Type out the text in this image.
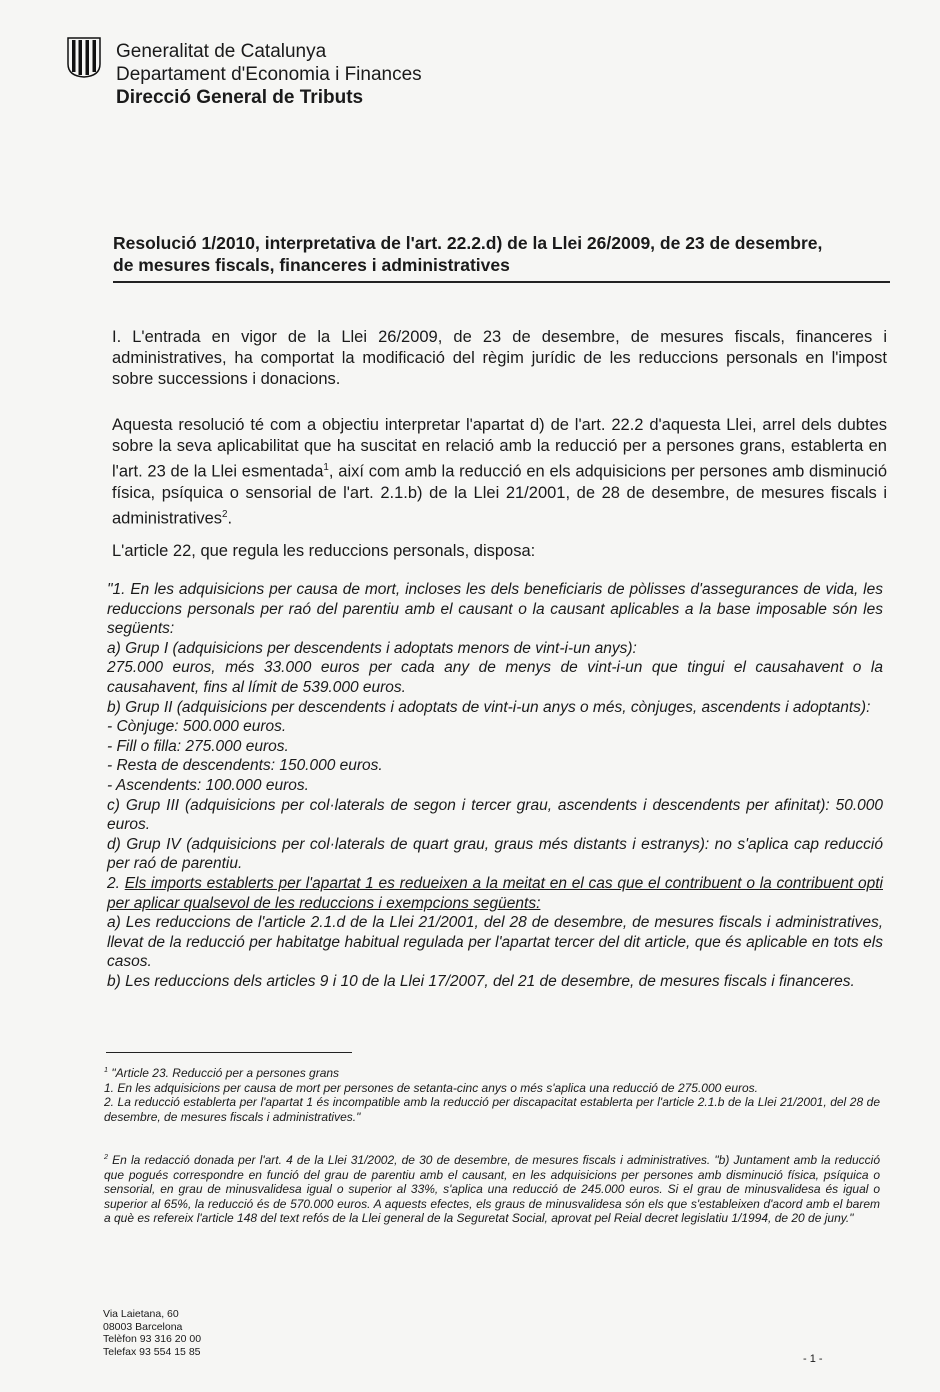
Generalitat de Catalunya
Departament d'Economia i Finances
Direcció General de Tributs
Resolució 1/2010, interpretativa de l'art. 22.2.d) de la Llei 26/2009, de 23 de desembre,
de mesures fiscals, financeres i administratives
I. L'entrada en vigor de la Llei 26/2009, de 23 de desembre, de mesures fiscals, financeres i administratives, ha comportat la modificació del règim jurídic de les reduccions personals en l'impost sobre successions i donacions.
Aquesta resolució té com a objectiu interpretar l'apartat d) de l'art. 22.2 d'aquesta Llei, arrel dels dubtes sobre la seva aplicabilitat que ha suscitat en relació amb la reducció per a persones grans, establerta en l'art. 23 de la Llei esmentada$^1$, així com amb la reducció en els adquisicions per persones amb disminució física, psíquica o sensorial de l'art. 2.1.b) de la Llei 21/2001, de 28 de desembre, de mesures fiscals i administratives$^2$.
L'article 22, que regula les reduccions personals, disposa:
"1. En les adquisicions per causa de mort, incloses les dels beneficiaris de pòlisses d'assegurances de vida, les reduccions personals per raó del parentiu amb el causant o la causant aplicables a la base imposable són les següents:
a) Grup I (adquisicions per descendents i adoptats menors de vint-i-un anys):
275.000 euros, més 33.000 euros per cada any de menys de vint-i-un que tingui el causahavent o la causahavent, fins al límit de 539.000 euros.
b) Grup II (adquisicions per descendents i adoptats de vint-i-un anys o més, cònjuges, ascendents i adoptants):
- Cònjuge: 500.000 euros.
- Fill o filla: 275.000 euros.
- Resta de descendents: 150.000 euros.
- Ascendents: 100.000 euros.
c) Grup III (adquisicions per col·laterals de segon i tercer grau, ascendents i descendents per afinitat): 50.000 euros.
d) Grup IV (adquisicions per col·laterals de quart grau, graus més distants i estranys): no s'aplica cap reducció per raó de parentiu.
2. Els imports establerts per l'apartat 1 es redueixen a la meitat en el cas que el contribuent o la contribuent opti per aplicar qualsevol de les reduccions i exempcions següents:
a) Les reduccions de l'article 2.1.d de la Llei 21/2001, del 28 de desembre, de mesures fiscals i administratives, llevat de la reducció per habitatge habitual regulada per l'apartat tercer del dit article, que és aplicable en tots els casos.
b) Les reduccions dels articles 9 i 10 de la Llei 17/2007, del 21 de desembre, de mesures fiscals i financeres.
$^1$ "Article 23. Reducció per a persones grans
1. En les adquisicions per causa de mort per persones de setanta-cinc anys o més s'aplica una reducció de 275.000 euros.
2. La reducció establerta per l'apartat 1 és incompatible amb la reducció per discapacitat establerta per l'article 2.1.b de la Llei 21/2001, del 28 de desembre, de mesures fiscals i administratives."
$^2$ En la redacció donada per l'art. 4 de la Llei 31/2002, de 30 de desembre, de mesures fiscals i administratives. "b) Juntament amb la reducció que pogués correspondre en funció del grau de parentiu amb el causant, en les adquisicions per persones amb disminució física, psíquica o sensorial, en grau de minusvalidesa igual o superior al 33%, s'aplica una reducció de 245.000 euros. Si el grau de minusvalidesa és igual o superior al 65%, la reducció és de 570.000 euros. A aquests efectes, els graus de minusvalidesa són els que s'estableixen d'acord amb el barem a què es refereix l'article 148 del text refós de la Llei general de la Seguretat Social, aprovat pel Reial decret legislatiu 1/1994, de 20 de juny."
Via Laietana, 60
08003 Barcelona
Telèfon 93 316 20 00
Telefax 93 554 15 85
- 1 -
